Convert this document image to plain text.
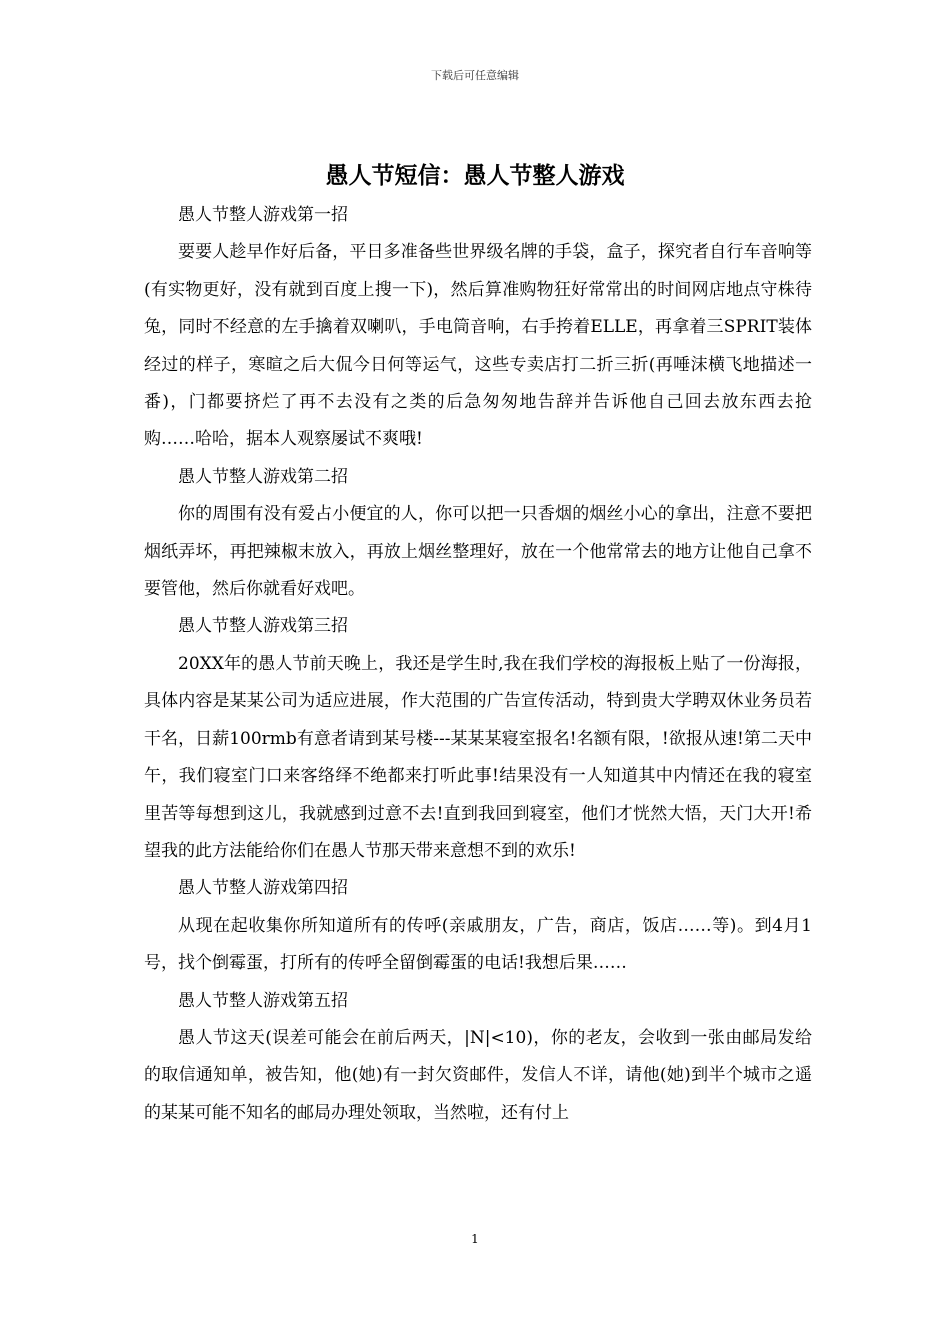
下载后可任意编辑
愚人节短信：愚人节整人游戏

愚人节整人游戏第一招

要要人趁早作好后备，平日多准备些世界级名牌的手袋，盒子，探究者自行车音响等(有实物更好，没有就到百度上搜一下)，然后算准购物狂好常常出的时间网店地点守株待兔，同时不经意的左手擒着双喇叭，手电筒音响，右手挎着ELLE，再拿着三SPRIT装体经过的样子，寒暄之后大侃今日何等运气，这些专卖店打二折三折(再唾沫横飞地描述一番)，门都要挤烂了再不去没有之类的后急匆匆地告辞并告诉他自己回去放东西去抢购……哈哈，据本人观察屡试不爽哦!

愚人节整人游戏第二招

你的周围有没有爱占小便宜的人，你可以把一只香烟的烟丝小心的拿出，注意不要把烟纸弄坏，再把辣椒末放入，再放上烟丝整理好，放在一个他常常去的地方让他自己拿不要管他，然后你就看好戏吧。

愚人节整人游戏第三招

20XX年的愚人节前天晚上，我还是学生时,我在我们学校的海报板上贴了一份海报，具体内容是某某公司为适应进展，作大范围的广告宣传活动，特到贵大学聘双休业务员若干名，日薪100rmb有意者请到某号楼---某某某寝室报名!名额有限，!欲报从速!第二天中午，我们寝室门口来客络绎不绝都来打听此事!结果没有一人知道其中内情还在我的寝室里苦等每想到这儿，我就感到过意不去!直到我回到寝室，他们才恍然大悟，天门大开!希望我的此方法能给你们在愚人节那天带来意想不到的欢乐!

愚人节整人游戏第四招

从现在起收集你所知道所有的传呼(亲戚朋友，广告，商店，饭店……等)。到4月1号，找个倒霉蛋，打所有的传呼全留倒霉蛋的电话!我想后果……

愚人节整人游戏第五招

愚人节这天(误差可能会在前后两天，|N|<10)，你的老友，会收到一张由邮局发给的取信通知单，被告知，他(她)有一封欠资邮件，发信人不详，请他(她)到半个城市之遥的某某可能不知名的邮局办理处领取，当然啦，还有付上

1
